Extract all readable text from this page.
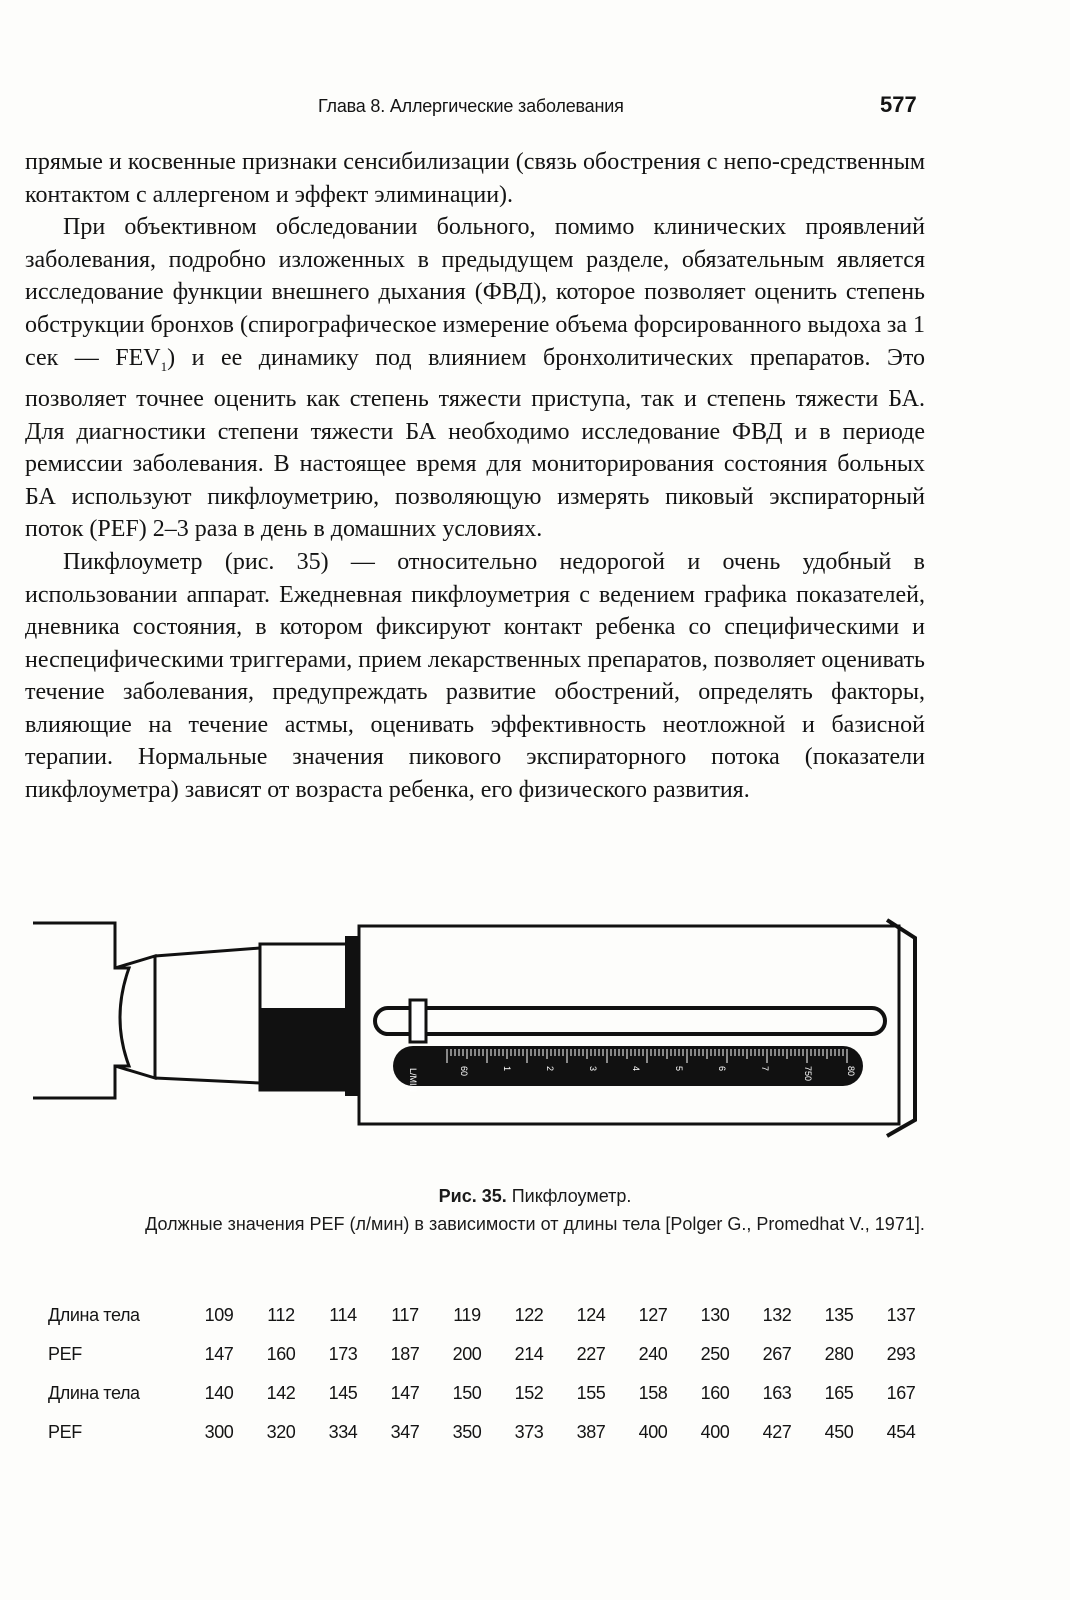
Глава 8. Аллергические заболевания	577

прямые и косвенные признаки сенсибилизации (связь обострения с непо-средственным контактом с аллергеном и эффект элиминации).

При объективном обследовании больного, помимо клинических проявлений заболевания, подробно изложенных в предыдущем разделе, обязательным является исследование функции внешнего дыхания (ФВД), которое позволяет оценить степень обструкции бронхов (спирографическое измерение объема форсированного выдоха за 1 сек — $FEV_1$) и ее динамику под влиянием бронхолитических препаратов. Это позволяет точнее оценить как степень тяжести приступа, так и степень тяжести БА. Для диагностики степени тяжести БА необходимо исследование ФВД и в периоде ремиссии заболевания. В настоящее время для мониторирования состояния больных БА используют пикфлоуметрию, позволяющую измерять пиковый экспираторный поток (PEF) 2–3 раза в день в домашних условиях.

Пикфлоуметр (рис. 35) — относительно недорогой и очень удобный в использовании аппарат. Ежедневная пикфлоуметрия с ведением графика показателей, дневника состояния, в котором фиксируют контакт ребенка со специфическими и неспецифическими триггерами, прием лекарственных препаратов, позволяет оценивать течение заболевания, предупреждать развитие обострений, определять факторы, влияющие на течение астмы, оценивать эффективность неотложной и базисной терапии. Нормальные значения пикового экспираторного потока (показатели пикфлоуметра) зависят от возраста ребенка, его физического развития.

L/MIN	60	1	2	3	4	5	6	7	750	80
Рис. 35. Пикфлоуметр.
Должные значения PEF (л/мин) в зависимости от длины тела [Polger G., Promedhat V., 1971].
Длина тела	109	112	114	117	119	122	124	127	130	132	135	137
PEF	147	160	173	187	200	214	227	240	250	267	280	293
Длина тела	140	142	145	147	150	152	155	158	160	163	165	167
PEF	300	320	334	347	350	373	387	400	400	427	450	454
